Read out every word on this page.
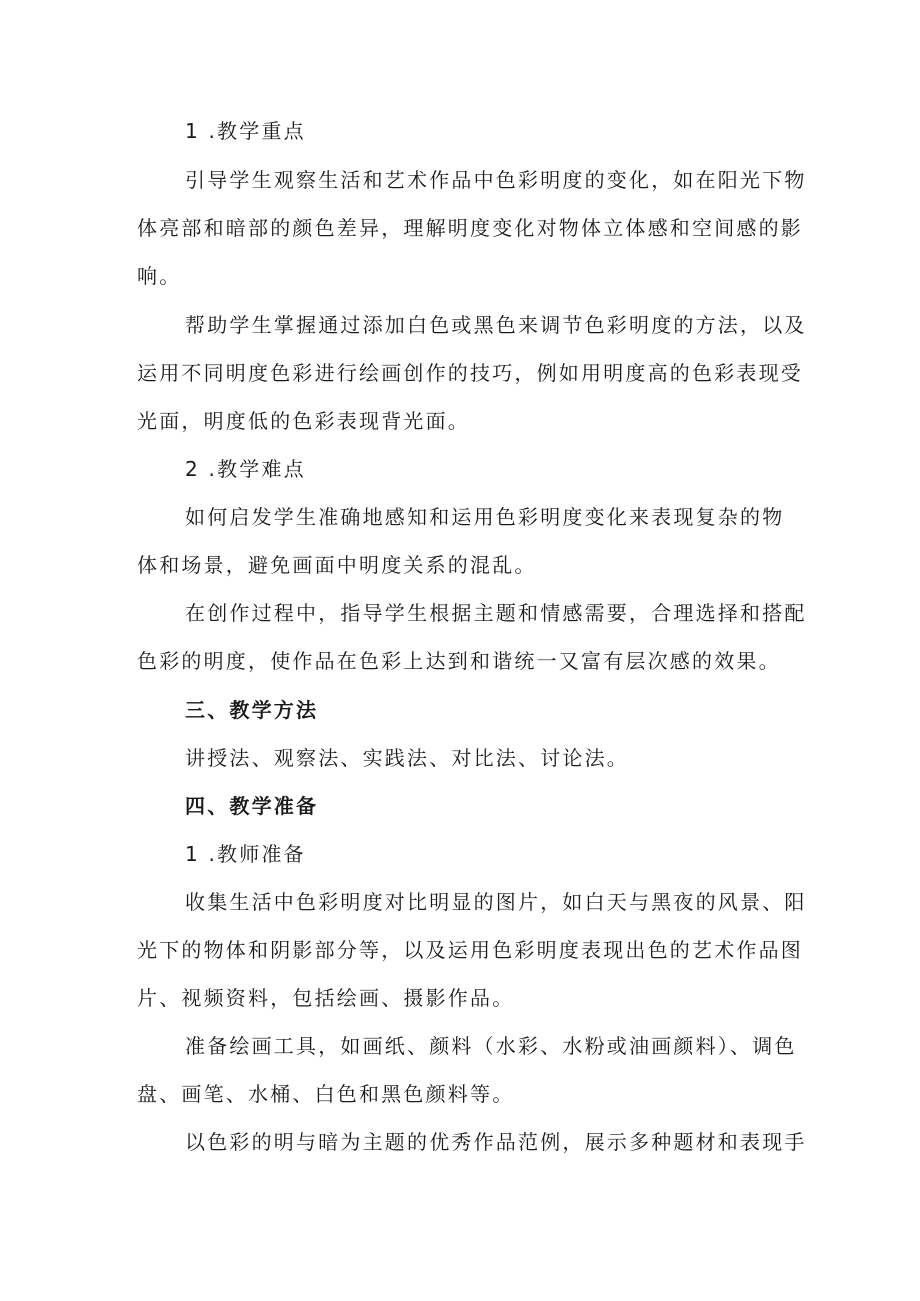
1 .教学重点

引导学生观察生活和艺术作品中色彩明度的变化，如在阳光下物

体亮部和暗部的颜色差异，理解明度变化对物体立体感和空间感的影

响。

帮助学生掌握通过添加白色或黑色来调节色彩明度的方法，以及

运用不同明度色彩进行绘画创作的技巧，例如用明度高的色彩表现受

光面，明度低的色彩表现背光面。

2 .教学难点

如何启发学生准确地感知和运用色彩明度变化来表现复杂的物

体和场景，避免画面中明度关系的混乱。

在创作过程中，指导学生根据主题和情感需要，合理选择和搭配

色彩的明度，使作品在色彩上达到和谐统一又富有层次感的效果。

三、教学方法

讲授法、观察法、实践法、对比法、讨论法。

四、教学准备

1 .教师准备

收集生活中色彩明度对比明显的图片，如白天与黑夜的风景、阳

光下的物体和阴影部分等，以及运用色彩明度表现出色的艺术作品图

片、视频资料，包括绘画、摄影作品。

准备绘画工具，如画纸、颜料（水彩、水粉或油画颜料）、调色

盘、画笔、水桶、白色和黑色颜料等。

以色彩的明与暗为主题的优秀作品范例，展示多种题材和表现手
